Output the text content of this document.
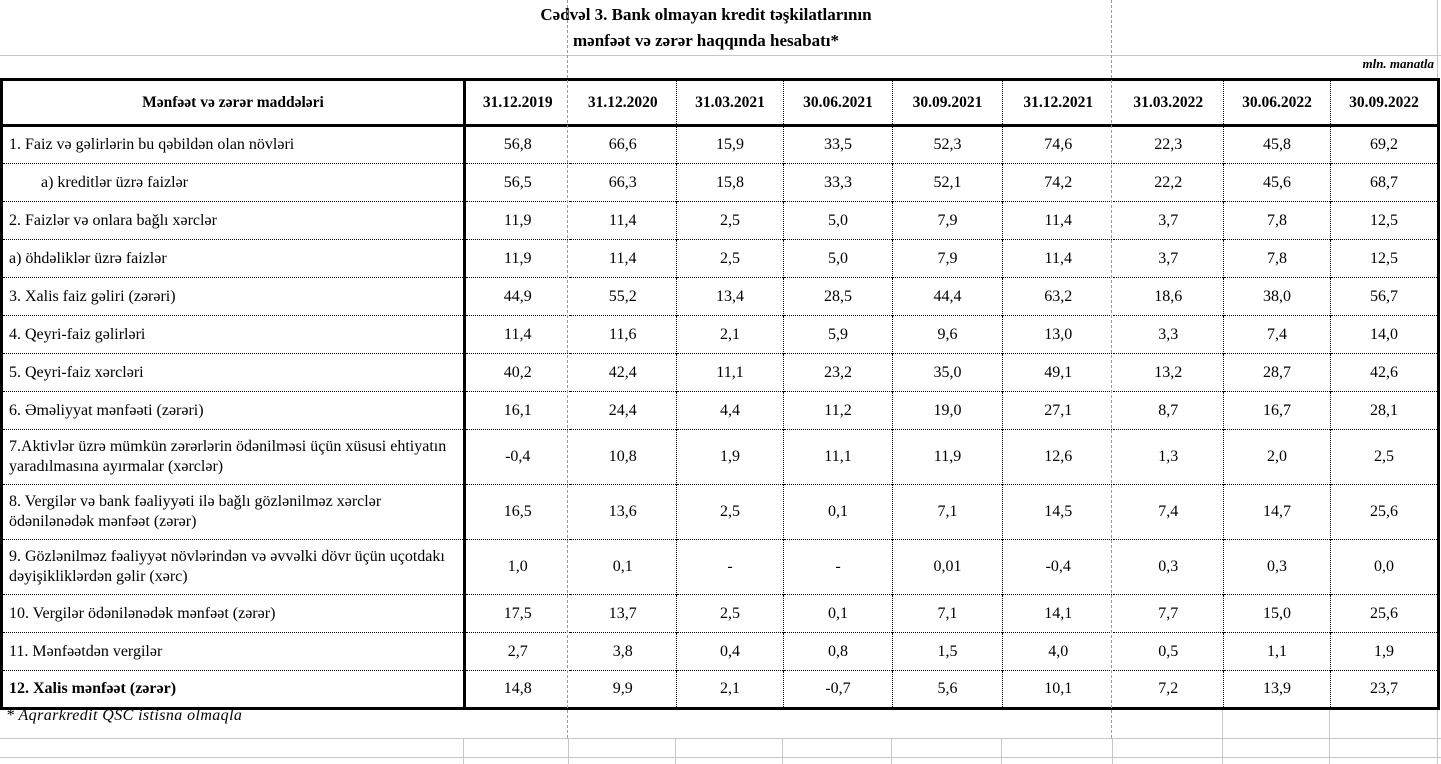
Cədvəl 3. Bank olmayan kredit təşkilatlarının
mənfəət və zərər haqqında hesabatı*
mln. manatla
Mənfəət və zərər maddələri	31.12.2019	31.12.2020	31.03.2021	30.06.2021	30.09.2021	31.12.2021	31.03.2022	30.06.2022	30.09.2022
1. Faiz və gəlirlərin bu qəbildən olan növləri	56,8	66,6	15,9	33,5	52,3	74,6	22,3	45,8	69,2
a) kreditlər üzrə faizlər	56,5	66,3	15,8	33,3	52,1	74,2	22,2	45,6	68,7
2. Faizlər və onlara bağlı xərclər	11,9	11,4	2,5	5,0	7,9	11,4	3,7	7,8	12,5
a) öhdəliklər üzrə faizlər	11,9	11,4	2,5	5,0	7,9	11,4	3,7	7,8	12,5
3. Xalis faiz gəliri (zərəri)	44,9	55,2	13,4	28,5	44,4	63,2	18,6	38,0	56,7
4. Qeyri-faiz gəlirləri	11,4	11,6	2,1	5,9	9,6	13,0	3,3	7,4	14,0
5. Qeyri-faiz xərcləri	40,2	42,4	11,1	23,2	35,0	49,1	13,2	28,7	42,6
6. Əməliyyat mənfəəti (zərəri)	16,1	24,4	4,4	11,2	19,0	27,1	8,7	16,7	28,1
7.Aktivlər üzrə mümkün zərərlərin ödənilməsi üçün xüsusi ehtiyatın yaradılmasına ayırmalar (xərclər)	-0,4	10,8	1,9	11,1	11,9	12,6	1,3	2,0	2,5
8. Vergilər və bank fəaliyyəti ilə bağlı gözlənilməz xərclər ödənilənədək mənfəət (zərər)	16,5	13,6	2,5	0,1	7,1	14,5	7,4	14,7	25,6
9. Gözlənilməz fəaliyyət növlərindən və əvvəlki dövr üçün uçotdakı dəyişikliklərdən gəlir (xərc)	1,0	0,1	-	-	0,01	-0,4	0,3	0,3	0,0
10. Vergilər ödənilənədək mənfəət (zərər)	17,5	13,7	2,5	0,1	7,1	14,1	7,7	15,0	25,6
11. Mənfəətdən vergilər	2,7	3,8	0,4	0,8	1,5	4,0	0,5	1,1	1,9
12. Xalis mənfəət (zərər)	14,8	9,9	2,1	-0,7	5,6	10,1	7,2	13,9	23,7
* Aqrarkredit QSC istisna olmaqla
